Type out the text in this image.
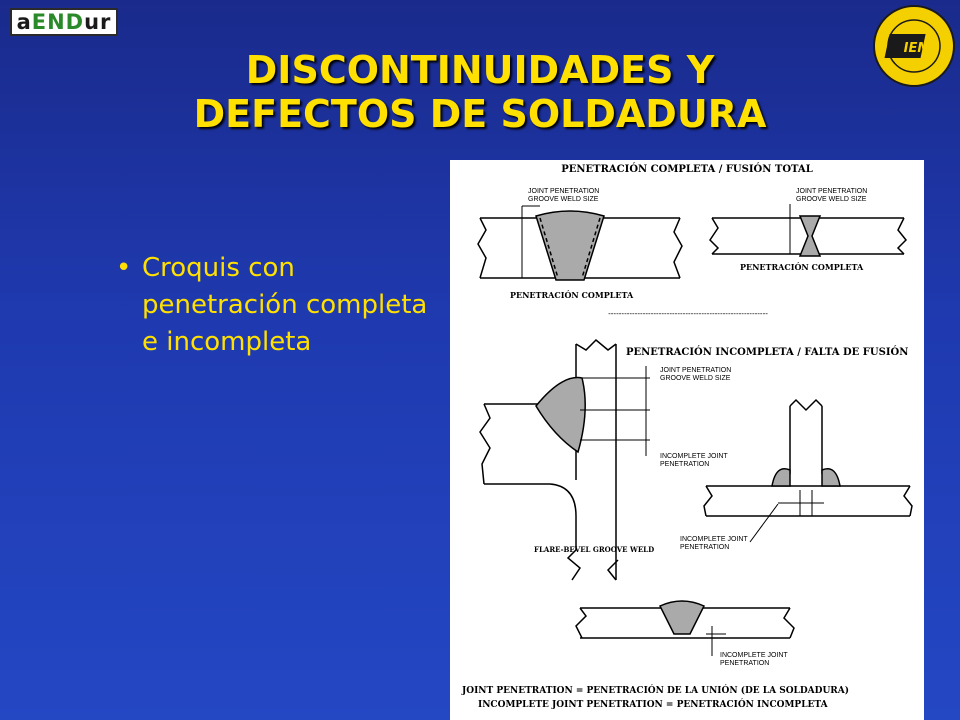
a END ur
IEM
DISCONTINUIDADES Y
DEFECTOS DE SOLDADURA
• Croquis con penetración completa e incompleta
PENETRACIÓN COMPLETA / FUSIÓN TOTAL
JOINT PENETRATION
GROOVE WELD SIZE
PENETRACIÓN COMPLETA
JOINT PENETRATION
GROOVE WELD SIZE
PENETRACIÓN COMPLETA
------------------------------------------------------------
PENETRACIÓN INCOMPLETA / FALTA DE FUSIÓN
JOINT PENETRATION
GROOVE WELD SIZE
INCOMPLETE JOINT
PENETRATION
FLARE-BEVEL GROOVE WELD
INCOMPLETE JOINT
PENETRATION
INCOMPLETE JOINT
PENETRATION
JOINT PENETRATION = PENETRACIÓN DE LA UNIÓN (DE LA SOLDADURA)
INCOMPLETE JOINT PENETRATION = PENETRACIÓN INCOMPLETA
